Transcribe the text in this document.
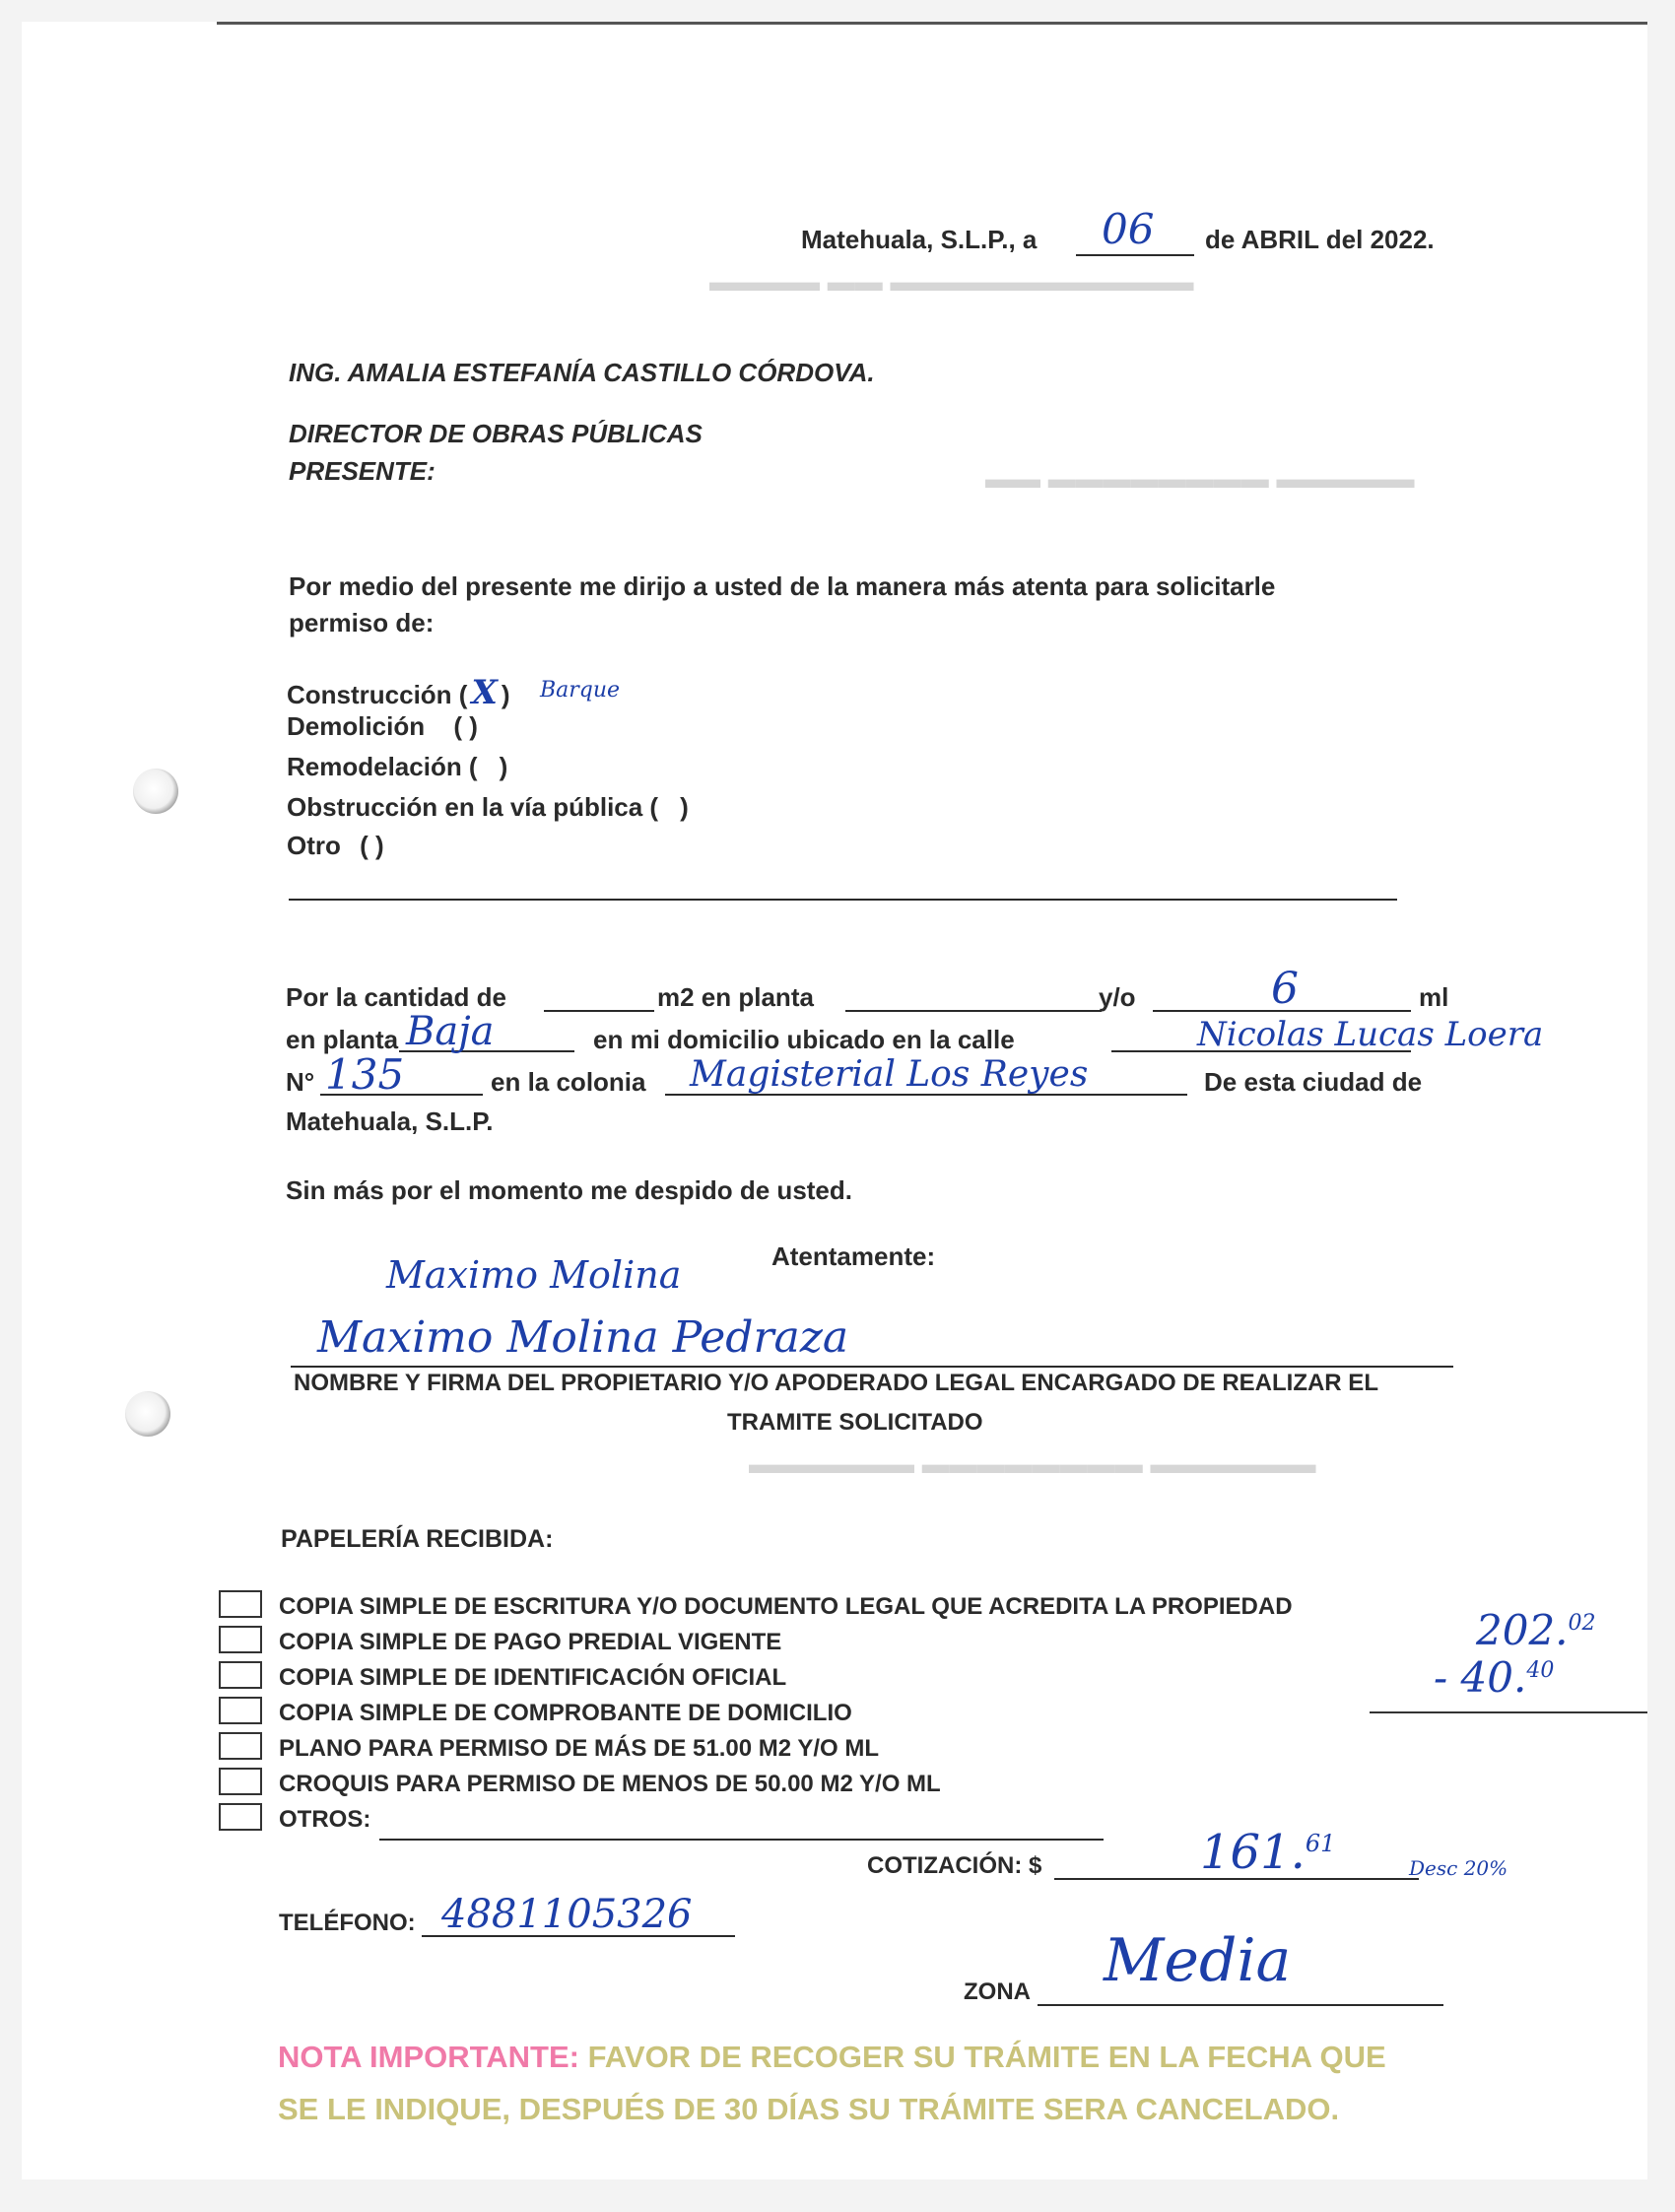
▬▬▬▬ ▬▬ ▬▬▬▬▬▬▬▬▬▬▬
▬▬ ▬▬▬▬▬▬▬▬ ▬▬▬▬▬
▬▬▬▬▬▬ ▬▬▬▬▬▬▬▬ ▬▬▬▬▬▬
Matehuala, S.L.P., a 06 de ABRIL del 2022.
ING. AMALIA ESTEFANÍA CASTILLO CÓRDOVA.
DIRECTOR DE OBRAS PÚBLICAS
PRESENTE:
Por medio del presente me dirijo a usted de la manera más atenta para solicitarle
permiso de:
Construcción ( X ) Barque
Demolición ( )
Remodelación ( )
Obstrucción en la vía pública ( )
Otro ( )
Por la cantidad de	m2 en planta	y/o	6	ml
en planta Baja	en mi domicilio ubicado en la calle	Nicolas Lucas Loera
N° 135	en la colonia Magisterial Los Reyes	De esta ciudad de
Matehuala, S.L.P.
Sin más por el momento me despido de usted.
Atentamente:
Maximo Molina
Maximo Molina Pedraza
NOMBRE Y FIRMA DEL PROPIETARIO Y/O APODERADO LEGAL ENCARGADO DE REALIZAR EL
TRAMITE SOLICITADO
PAPELERÍA RECIBIDA:
COPIA SIMPLE DE ESCRITURA Y/O DOCUMENTO LEGAL QUE ACREDITA LA PROPIEDAD
COPIA SIMPLE DE PAGO PREDIAL VIGENTE
COPIA SIMPLE DE IDENTIFICACIÓN OFICIAL
COPIA SIMPLE DE COMPROBANTE DE DOMICILIO
PLANO PARA PERMISO DE MÁS DE 51.00 M2 Y/O ML
CROQUIS PARA PERMISO DE MENOS DE 50.00 M2 Y/O ML
OTROS:
202.02
- 40.40
COTIZACIÓN: $	161.61
Desc 20%
TELÉFONO: 4881105326
ZONA Media
NOTA IMPORTANTE: FAVOR DE RECOGER SU TRÁMITE EN LA FECHA QUE
SE LE INDIQUE, DESPUÉS DE 30 DÍAS SU TRÁMITE SERA CANCELADO.
